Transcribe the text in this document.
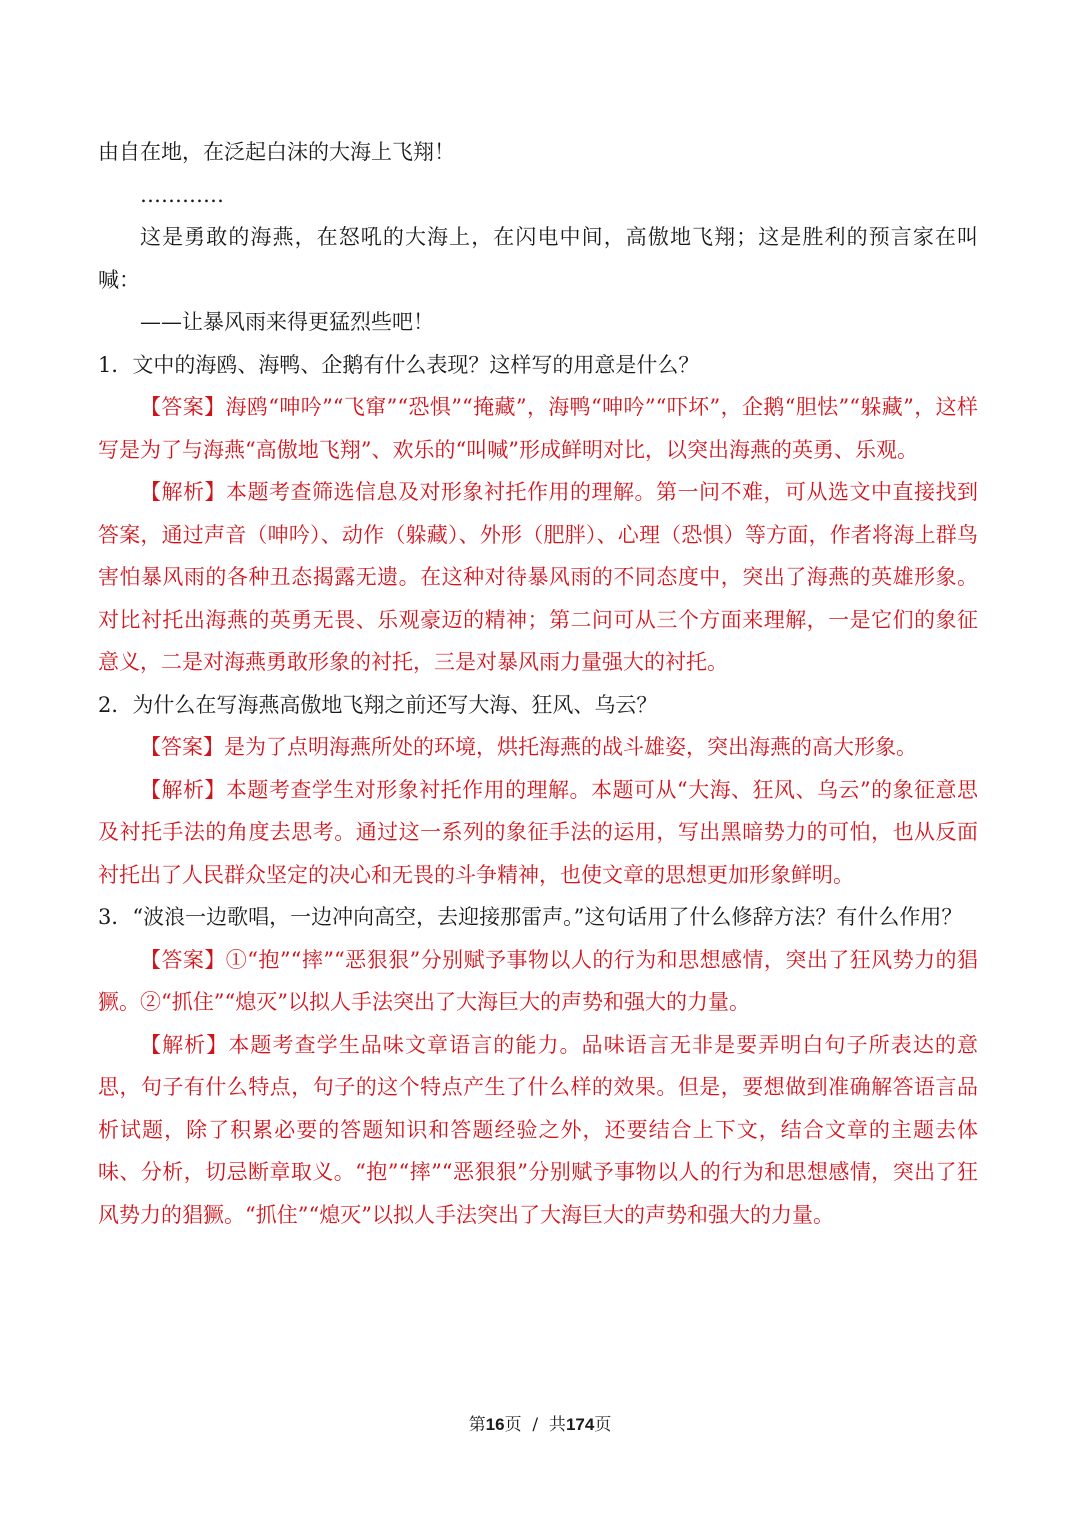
由自在地，在泛起白沫的大海上飞翔！

…………

这是勇敢的海燕，在怒吼的大海上，在闪电中间，高傲地飞翔；这是胜利的预言家在叫喊：

——让暴风雨来得更猛烈些吧！

1．文中的海鸥、海鸭、企鹅有什么表现？这样写的用意是什么？

【答案】海鸥“呻吟”“飞窜”“恐惧”“掩藏”，海鸭“呻吟”“吓坏”，企鹅“胆怯”“躲藏”，这样写是为了与海燕“高傲地飞翔”、欢乐的“叫喊”形成鲜明对比，以突出海燕的英勇、乐观。

【解析】本题考查筛选信息及对形象衬托作用的理解。第一问不难，可从选文中直接找到答案，通过声音（呻吟）、动作（躲藏）、外形（肥胖）、心理（恐惧）等方面，作者将海上群鸟害怕暴风雨的各种丑态揭露无遗。在这种对待暴风雨的不同态度中，突出了海燕的英雄形象。对比衬托出海燕的英勇无畏、乐观豪迈的精神；第二问可从三个方面来理解，一是它们的象征意义，二是对海燕勇敢形象的衬托，三是对暴风雨力量强大的衬托。

2．为什么在写海燕高傲地飞翔之前还写大海、狂风、乌云？

【答案】是为了点明海燕所处的环境，烘托海燕的战斗雄姿，突出海燕的高大形象。

【解析】本题考查学生对形象衬托作用的理解。本题可从“大海、狂风、乌云”的象征意思及衬托手法的角度去思考。通过这一系列的象征手法的运用，写出黑暗势力的可怕，也从反面衬托出了人民群众坚定的决心和无畏的斗争精神，也使文章的思想更加形象鲜明。

3．“波浪一边歌唱，一边冲向高空，去迎接那雷声。”这句话用了什么修辞方法？有什么作用？

【答案】①“抱”“摔”“恶狠狠”分别赋予事物以人的行为和思想感情，突出了狂风势力的猖獗。②“抓住”“熄灭”以拟人手法突出了大海巨大的声势和强大的力量。

【解析】本题考查学生品味文章语言的能力。品味语言无非是要弄明白句子所表达的意思，句子有什么特点，句子的这个特点产生了什么样的效果。但是，要想做到准确解答语言品析试题，除了积累必要的答题知识和答题经验之外，还要结合上下文，结合文章的主题去体味、分析，切忌断章取义。“抱”“摔”“恶狠狠”分别赋予事物以人的行为和思想感情，突出了狂风势力的猖獗。“抓住”“熄灭”以拟人手法突出了大海巨大的声势和强大的力量。

第16页  /  共174页
